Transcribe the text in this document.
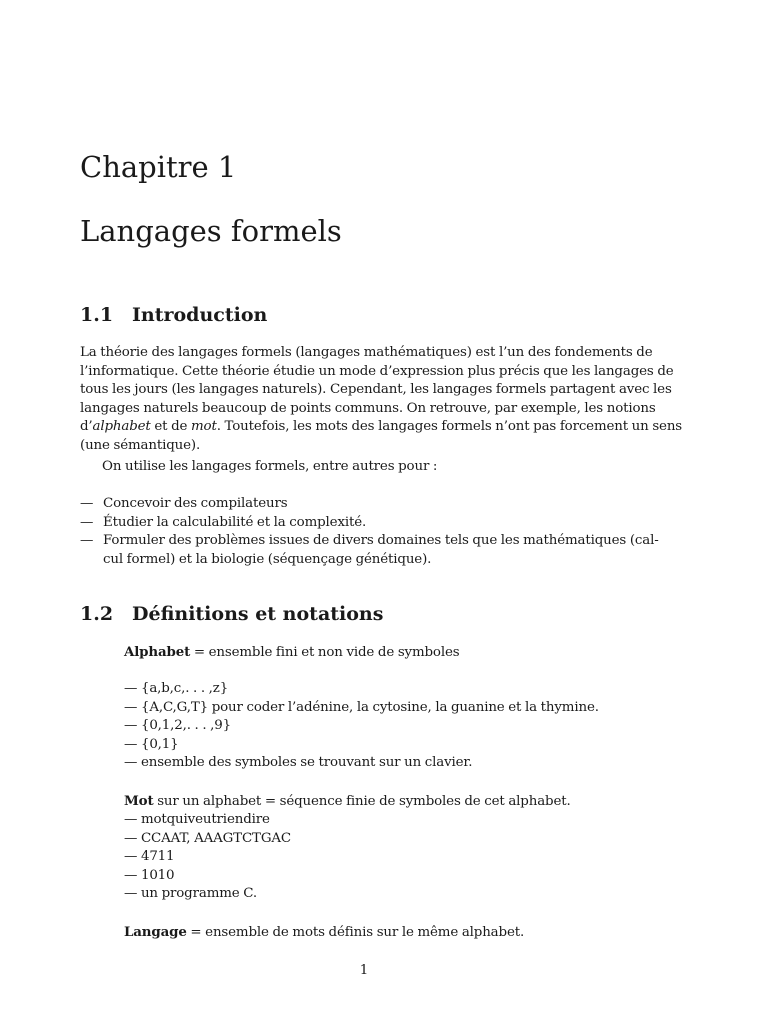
Chapitre 1
Langages formels
1.1 Introduction
La théorie des langages formels (langages mathématiques) est l’un des fondements de
l’informatique. Cette théorie étudie un mode d’expression plus précis que les langages de
tous les jours (les langages naturels). Cependant, les langages formels partagent avec les
langages naturels beaucoup de points communs. On retrouve, par exemple, les notions
d’alphabet et de mot. Toutefois, les mots des langages formels n’ont pas forcement un sens
(une sémantique).
On utilise les langages formels, entre autres pour :
— Concevoir des compilateurs
— Étudier la calculabilité et la complexité.
— Formuler des problèmes issues de divers domaines tels que les mathématiques (cal-
cul formel) et la biologie (séquençage génétique).
1.2 Définitions et notations
Alphabet = ensemble fini et non vide de symboles
— {a,b,c,. . . ,z}
— {A,C,G,T} pour coder l’adénine, la cytosine, la guanine et la thymine.
— {0,1,2,. . . ,9}
— {0,1}
— ensemble des symboles se trouvant sur un clavier.
Mot sur un alphabet = séquence finie de symboles de cet alphabet.
— motquiveutriendire
— CCAAT, AAAGTCTGAC
— 4711
— 1010
— un programme C.
Langage = ensemble de mots définis sur le même alphabet.
1
